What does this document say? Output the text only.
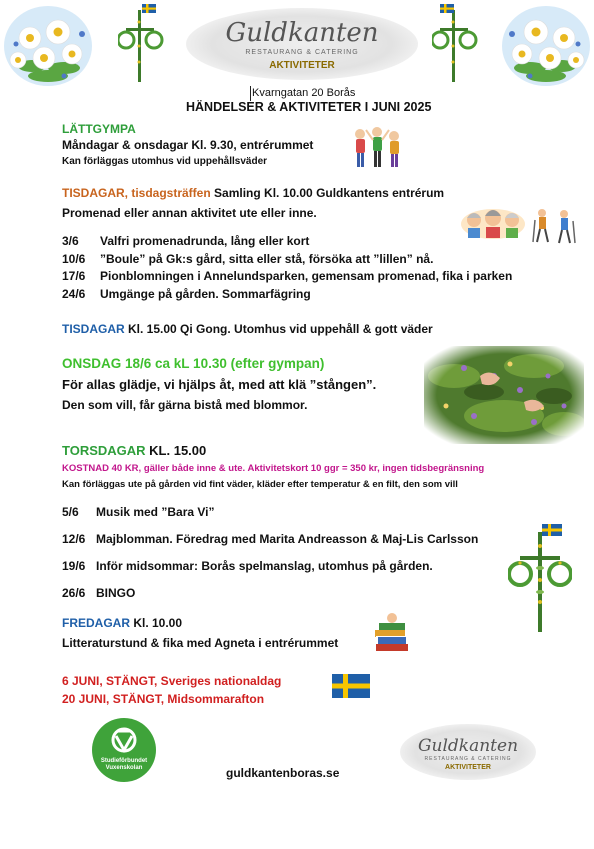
Guldkanten
RESTAURANG & CATERING
AKTIVITETER
Kvarngatan 20 Borås
HÄNDELSER & AKTIVITETER I JUNI 2025
LÄTTGYMPA
Måndagar & onsdagar Kl. 9.30, entrérummet
Kan förläggas utomhus vid uppehållsväder
TISDAGAR, tisdagsträffen Samling Kl. 10.00 Guldkantens entrérum
Promenad eller annan aktivitet ute eller inne.
3/6 Valfri promenadrunda, lång eller kort
10/6 ”Boule” på Gk:s gård, sitta eller stå, försöka att ”lillen” nå.
17/6 Pionblomningen i Annelundsparken, gemensam promenad, fika i parken
24/6 Umgänge på gården. Sommarfägring
TISDAGAR Kl. 15.00 Qi Gong. Utomhus vid uppehåll & gott väder
ONSDAG 18/6 ca kL 10.30 (efter gympan)
För allas glädje, vi hjälps åt, med att klä ”stången”.
Den som vill, får gärna bistå med blommor.
TORSDAGAR KL. 15.00
KOSTNAD 40 KR, gäller både inne & ute. Aktivitetskort 10 ggr = 350 kr, ingen tidsbegränsning
Kan förläggas ute på gården vid fint väder, kläder efter temperatur & en filt, den som vill
5/6 Musik med ”Bara Vi”
12/6 Majblomman. Föredrag med Marita Andreasson & Maj-Lis Carlsson
19/6 Inför midsommar: Borås spelmanslag, utomhus på gården.
26/6 BINGO
FREDAGAR Kl. 10.00
Litteraturstund & fika med Agneta i entrérummet
6 JUNI, STÄNGT, Sveriges nationaldag
20 JUNI, STÄNGT, Midsommarafton
Studieförbundet
Vuxenskolan	guldkantenboras.se
Guldkanten
RESTAURANG & CATERING
AKTIVITETER
